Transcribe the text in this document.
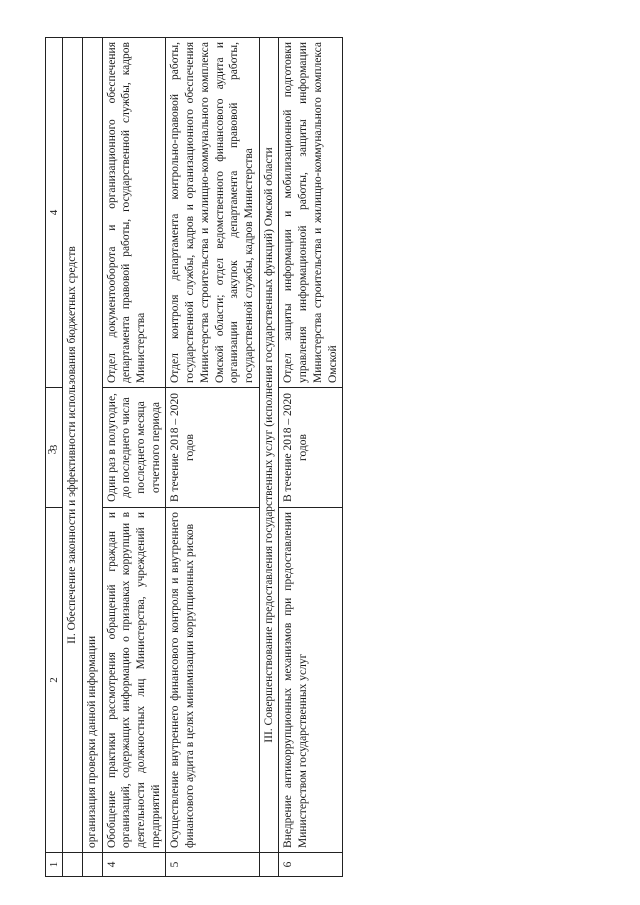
3
1	2	3	4
	II. Обеспечение законности и эффективности использования бюджетных средств		
	организация проверки данной информации		
4	Обобщение практики рассмотрения обращений граждан и организаций, содержащих информацию о признаках коррупции в деятельности должностных лиц Министерства, учреждений и предприятий	Один раз в полугодие, до последнего числа последнего месяца отчетного периода	Отдел документооборота и организационного обеспечения департамента правовой работы, государственной службы, кадров Министерства
5	Осуществление внутреннего финансового контроля и внутреннего финансового аудита в целях минимизации коррупционных рисков	В течение 2018 – 2020 годов	Отдел контроля департамента контрольно-правовой работы, государственной службы, кадров и организационного обеспечения Министерства строительства и жилищно-коммунального комплекса Омской области; отдел ведомственного финансового аудита и организации закупок департамента правовой работы, государственной службы, кадров Министерства
	III. Совершенствование предоставления государственных услуг (исполнения государственных функций) Омской области		
6	Внедрение антикоррупционных механизмов при предоставлении Министерством государственных услуг	В течение 2018 – 2020 годов	Отдел защиты информации и мобилизационной подготовки управления информационной работы, защиты информации Министерства строительства и жилищно-коммунального комплекса Омской
